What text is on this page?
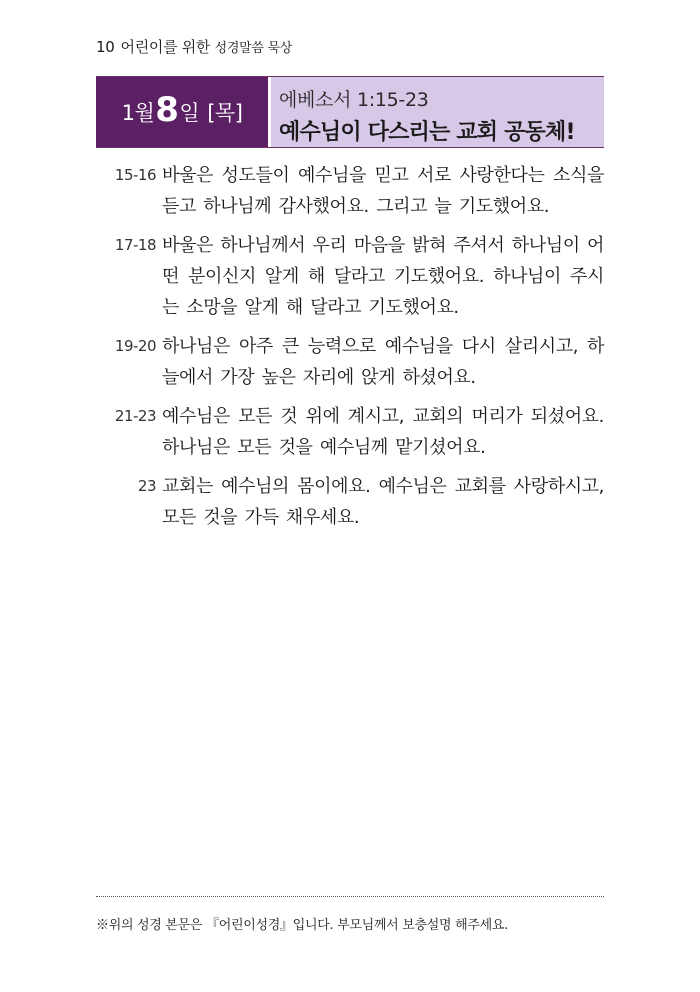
10 어린이를 위한 성경말씀 묵상
1월 8 일 [목]
에베소서 1:15-23
예수님이 다스리는 교회 공동체!
15-16 바울은 성도들이 예수님을 믿고 서로 사랑한다는 소식을 듣고 하나님께 감사했어요. 그리고 늘 기도했어요.
17-18 바울은 하나님께서 우리 마음을 밝혀 주셔서 하나님이 어떤 분이신지 알게 해 달라고 기도했어요. 하나님이 주시는 소망을 알게 해 달라고 기도했어요.
19-20 하나님은 아주 큰 능력으로 예수님을 다시 살리시고, 하늘에서 가장 높은 자리에 앉게 하셨어요.
21-23 예수님은 모든 것 위에 계시고, 교회의 머리가 되셨어요. 하나님은 모든 것을 예수님께 맡기셨어요.
23 교회는 예수님의 몸이에요. 예수님은 교회를 사랑하시고, 모든 것을 가득 채우세요.
※위의 성경 본문은 『어린이성경』입니다. 부모님께서 보충설명 해주세요.
